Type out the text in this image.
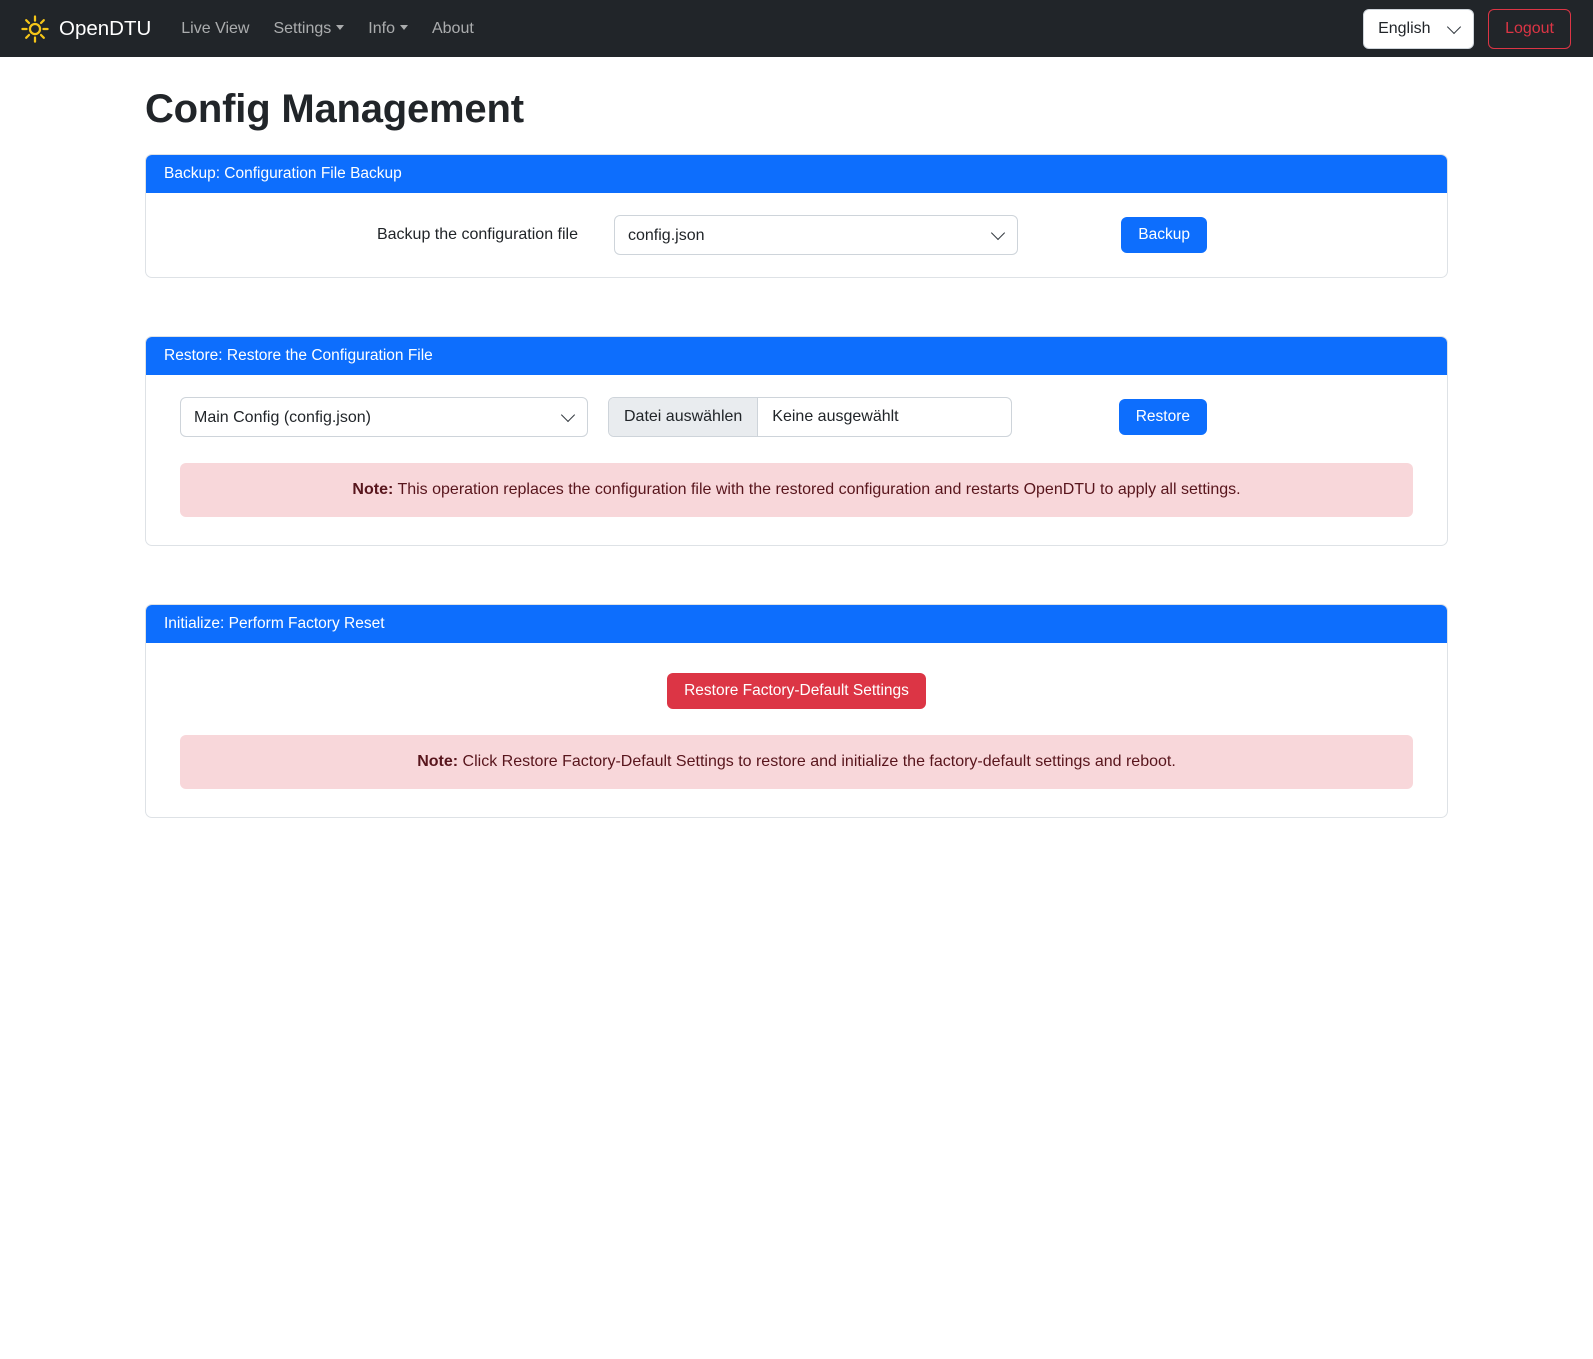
OpenDTU	Live View	Settings	Info	About
English	Logout
Config Management
Backup: Configuration File Backup
Backup the configuration file
config.json	Backup
Restore: Restore the Configuration File
Main Config (config.json)
Datei auswählen	Keine ausgewählt	Restore
Note: This operation replaces the configuration file with the restored configuration and restarts OpenDTU to apply all settings.
Initialize: Perform Factory Reset
Restore Factory-Default Settings
Note: Click Restore Factory-Default Settings to restore and initialize the factory-default settings and reboot.
